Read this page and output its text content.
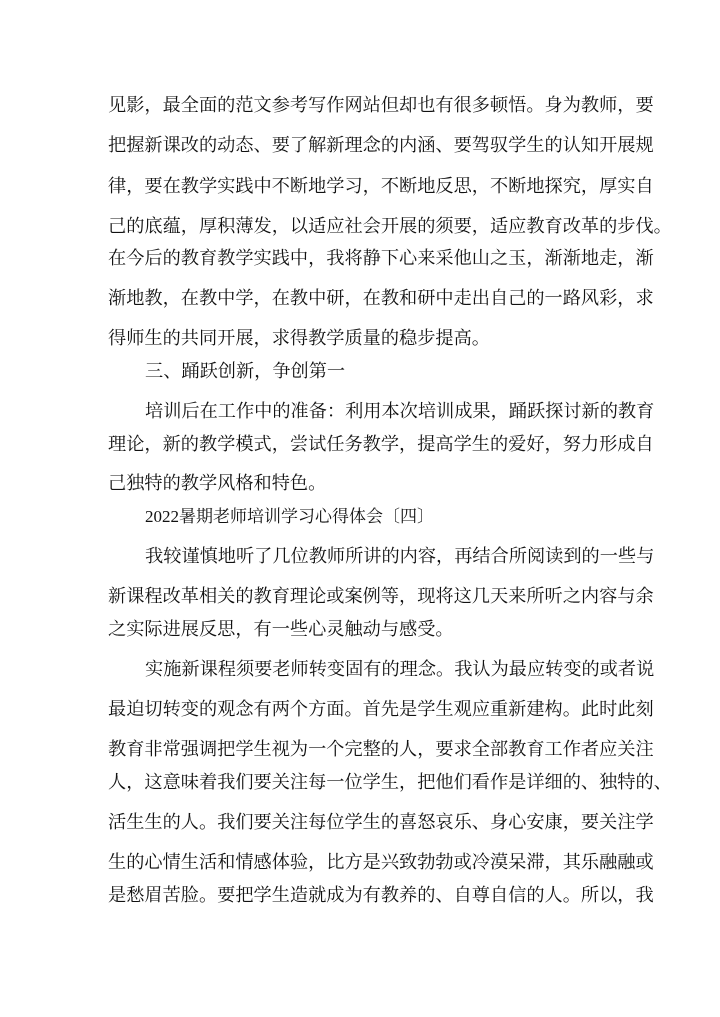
见影，最全面的范文参考写作网站但却也有很多顿悟。身为教师，要
把握新课改的动态、要了解新理念的内涵、要驾驭学生的认知开展规
律，要在教学实践中不断地学习，不断地反思，不断地探究，厚实自
己的底蕴，厚积薄发，以适应社会开展的须要，适应教育改革的步伐。
在今后的教育教学实践中，我将静下心来采他山之玉，渐渐地走，渐
渐地教，在教中学，在教中研，在教和研中走出自己的一路风彩，求
得师生的共同开展，求得教学质量的稳步提高。
三、踊跃创新，争创第一
培训后在工作中的准备：利用本次培训成果，踊跃探讨新的教育
理论，新的教学模式，尝试任务教学，提高学生的爱好，努力形成自
己独特的教学风格和特色。
2022暑期老师培训学习心得体会〔四〕
我较谨慎地听了几位教师所讲的内容，再结合所阅读到的一些与
新课程改革相关的教育理论或案例等，现将这几天来所听之内容与余
之实际进展反思，有一些心灵触动与感受。
实施新课程须要老师转变固有的理念。我认为最应转变的或者说
最迫切转变的观念有两个方面。首先是学生观应重新建构。此时此刻
教育非常强调把学生视为一个完整的人，要求全部教育工作者应关注
人，这意味着我们要关注每一位学生，把他们看作是详细的、独特的、
活生生的人。我们要关注每位学生的喜怒哀乐、身心安康，要关注学
生的心情生活和情感体验，比方是兴致勃勃或冷漠呆滞，其乐融融或
是愁眉苦脸。要把学生造就成为有教养的、自尊自信的人。所以，我
